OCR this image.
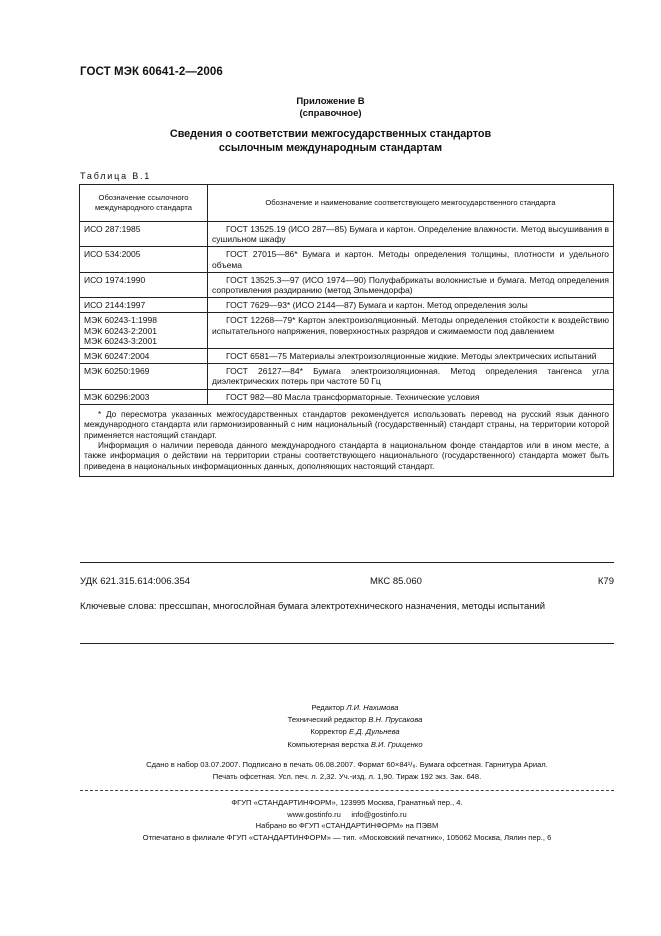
ГОСТ МЭК 60641-2—2006
Приложение В
(справочное)
Сведения о соответствии межгосударственных стандартов
ссылочным международным стандартам
Таблица В.1
Обозначение ссылочного международного стандарта	Обозначение и наименование соответствующего межгосударственного стандарта
ИСО 287:1985	ГОСТ 13525.19 (ИСО 287—85) Бумага и картон. Определение влажности. Метод высушивания в сушильном шкафу
ИСО 534:2005	ГОСТ 27015—86* Бумага и картон. Методы определения толщины, плотности и удельного объема
ИСО 1974:1990	ГОСТ 13525.3—97 (ИСО 1974—90) Полуфабрикаты волокнистые и бумага. Метод определения сопротивления раздиранию (метод Эльмендорфа)
ИСО 2144:1997	ГОСТ 7629—93* (ИСО 2144—87) Бумага и картон. Метод определения золы
МЭК 60243-1:1998
МЭК 60243-2:2001
МЭК 60243-3:2001	ГОСТ 12268—79* Картон электроизоляционный. Методы определения стойкости к воздействию испытательного напряжения, поверхностных разрядов и сжимаемости под давлением
МЭК 60247:2004	ГОСТ 6581—75 Материалы электроизоляционные жидкие. Методы электрических испытаний
МЭК 60250:1969	ГОСТ 26127—84* Бумага электроизоляционная. Метод определения тангенса угла диэлектрических потерь при частоте 50 Гц
МЭК 60296:2003	ГОСТ 982—80 Масла трансформаторные. Технические условия

* До пересмотра указанных межгосударственных стандартов рекомендуется использовать перевод на русский язык данного международного стандарта или гармонизированный с ним национальный (государственный) стандарт страны, на территории которой применяется настоящий стандарт.

Информация о наличии перевода данного международного стандарта в национальном фонде стандартов или в ином месте, а также информация о действии на территории страны соответствующего национального (государственного) стандарта может быть приведена в национальных информационных данных, дополняющих настоящий стандарт.	

УДК 621.315.614:006.354	МКС 85.060	К79
Ключевые слова: прессшпан, многослойная бумага электротехнического назначения, методы испытаний
Редактор Л.И. Нахимова
Технический редактор В.Н. Прусакова
Корректор Е.Д. Дульнева
Компьютерная верстка В.И. Грищенко
Сдано в набор 03.07.2007. Подписано в печать 06.08.2007. Формат 60×84¹/₈. Бумага офсетная. Гарнитура Ариал.
Печать офсетная. Усл. печ. л. 2,32. Уч.-изд. л. 1,90. Тираж 192 экз. Зак. 648.
ФГУП «СТАНДАРТИНФОРМ», 123995 Москва, Гранатный пер., 4.
www.gostinfo.ru     info@gostinfo.ru
Набрано во ФГУП «СТАНДАРТИНФОРМ» на ПЭВМ
Отпечатано в филиале ФГУП «СТАНДАРТИНФОРМ» — тип. «Московский печатник», 105062 Москва, Лялин пер., 6
